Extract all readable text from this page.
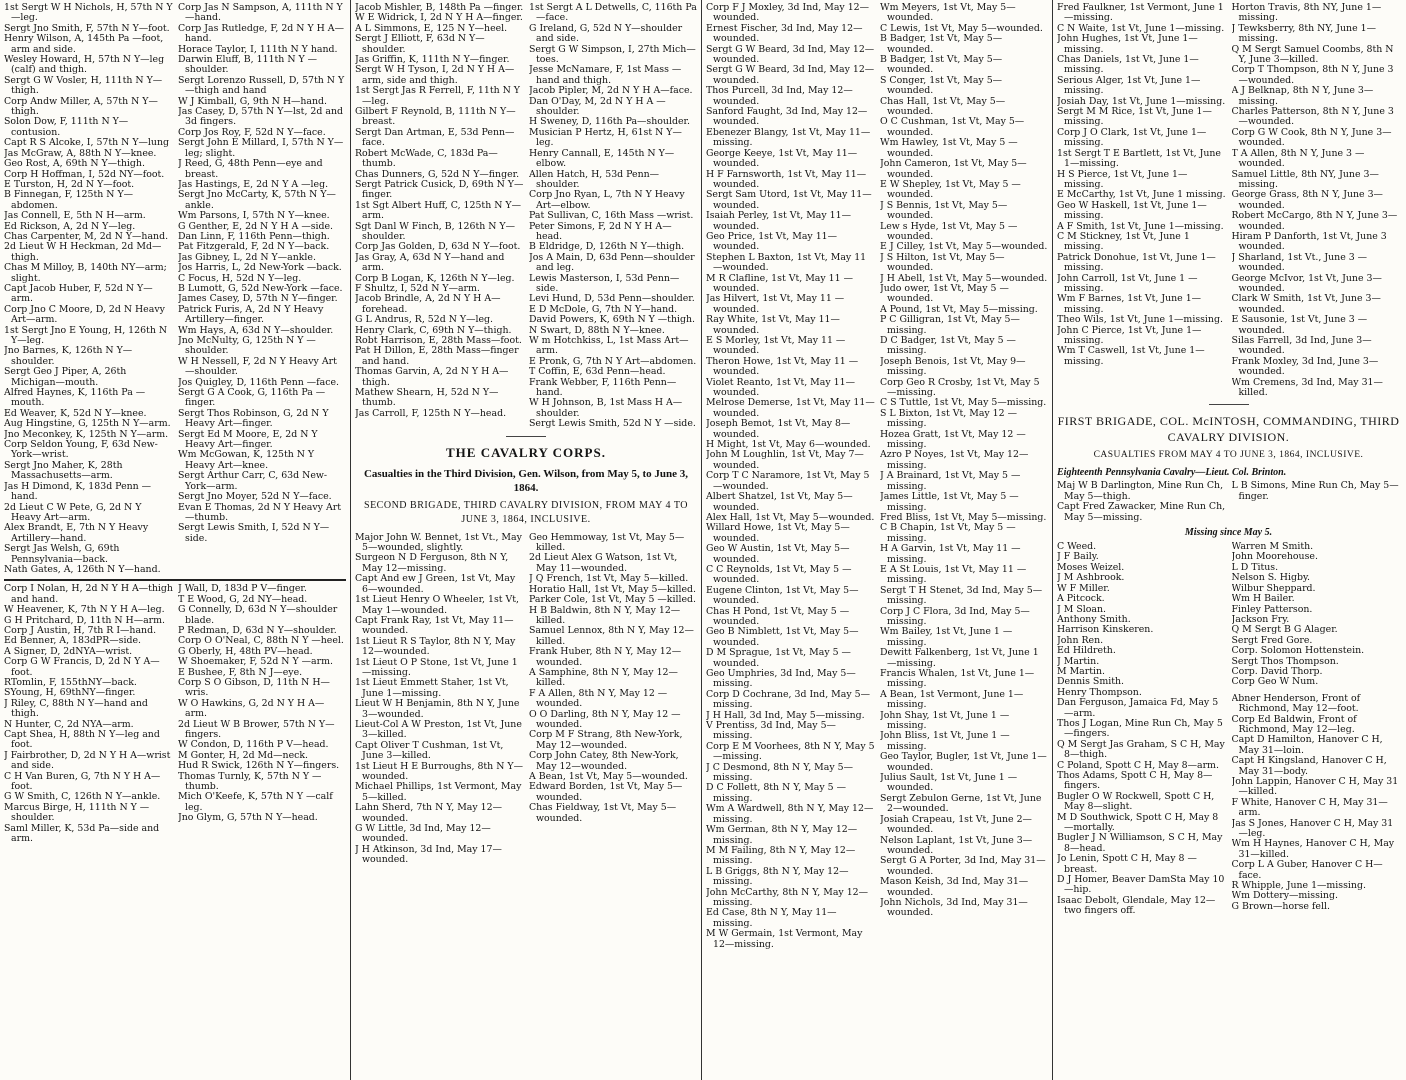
1st Sergt W H Nichols, H, 57th N Y—leg.

Sergt Jno Smith, F, 57th N Y—foot.

Henry Wilson, A, 145th Pa —foot, arm and side.

Wesley Howard, H, 57th N Y—leg (calf) and thigh.

Sergt G W Vosler, H, 111th N Y—thigh.

Corp Andw Miller, A, 57th N Y—thigh.

Solon Dow, F, 111th N Y—contusion.

Capt R S Alcoke, I, 57th N Y—lung

Jas McGraw, A, 88th N Y—knee.

Geo Rost, A, 69th N Y—thigh.

Corp H Hoffman, I, 52d NY—foot.

E Turston, H, 2d N Y—foot.

B Finnegan, F, 125th N Y—abdomen.

Jas Connell, E, 5th N H—arm.

Ed Rickson, A, 2d N Y—leg.

Chas Carpenter, M, 2d N Y—hand.

2d Lieut W H Heckman, 2d Md—thigh.

Chas M Milloy, B, 140th NY—arm; slight.

Capt Jacob Huber, F, 52d N Y—arm.

Corp Jno C Moore, D, 2d N Heavy Art—arm.

1st Sergt Jno E Young, H, 126th N Y—leg.

Jno Barnes, K, 126th N Y—shoulder.

Sergt Geo J Piper, A, 26th Michigan—mouth.

Alfred Haynes, K, 116th Pa —mouth.

Ed Weaver, K, 52d N Y—knee.

Aug Hingstine, G, 125th N Y—arm.

Jno Meconkey, K, 125th N Y—arm.

Corp Seldon Young, F, 63d New-York—wrist.

Sergt Jno Maher, K, 28th Massachusetts—arm.

Jas H Dimond, K, 183d Penn —hand.

2d Lieut C W Pete, G, 2d N Y Heavy Art—arm.

Alex Brandt, E, 7th N Y Heavy Artillery—hand.

Sergt Jas Welsh, G, 69th Pennsylvania—back.

Nath Gates, A, 126th N Y—hand.

Corp Jas N Sampson, A, 111th N Y—hand.

Corp Jas Rutledge, F, 2d N Y H A—hand.

Horace Taylor, I, 111th N Y hand.

Darwin Eluff, B, 111th N Y —shoulder.

Sergt Lorenzo Russell, D, 57th N Y—thigh and hand

W J Kimball, G, 9th N H—hand.

Jas Casey, D, 57th N Y—lst, 2d and 3d fingers.

Corp Jos Roy, F, 52d N Y—face.

Sergt John E Millard, I, 57th N Y—leg; slight.

J Reed, G, 48th Penn—eye and breast.

Jas Hastings, E, 2d N Y A —leg.

Sergt Jno McCarty, K, 57th N Y—ankle.

Wm Parsons, I, 57th N Y—knee.

G Genther, E, 2d N Y H A —side.

Dan Linn, F, 116th Penn—thigh.

Pat Fitzgerald, F, 2d N Y—back.

Jas Gibney, L, 2d N Y—ankle.

Jos Harris, L, 2d New-York —back.

C Focus, H, 52d N Y—leg.

B Lumott, G, 52d New-York —face.

James Casey, D, 57th N Y—finger.

Patrick Furis, A, 2d N Y Heavy Artillery—finger.

Wm Hays, A, 63d N Y—shoulder.

Jno McNulty, G, 125th N Y —shoulder.

W H Nessell, F, 2d N Y Heavy Art—shoulder.

Jos Quigley, D, 116th Penn —face.

Sergt G A Cook, G, 116th Pa —finger.

Sergt Thos Robinson, G, 2d N Y Heavy Art—finger.

Sergt Ed M Moore, E, 2d N Y Heavy Art—finger.

Wm McGowan, K, 125th N Y Heavy Art—knee.

Sergt Arthur Carr, C, 63d New-York—arm.

Sergt Jno Moyer, 52d N Y—face.

Evan E Thomas, 2d N Y Heavy Art—thumb.

Sergt Lewis Smith, I, 52d N Y—side.

Corp I Nolan, H, 2d N Y H A—thigh and hand.

W Heavener, K, 7th N Y H A—leg.

G H Pritchard, D, 11th N H—arm.

Corp J Austin, H, 7th R I—hand.

Ed Benner, A, 183dPR—side.

A Signer, D, 2dNYA—wrist.

Corp G W Francis, D, 2d N Y A—foot.

RTomlin, F, 155thNY—back.

SYoung, H, 69thNY—finger.

J Riley, C, 88th N Y—hand and thigh.

N Hunter, C, 2d NYA—arm.

Capt Shea, H, 88th N Y—leg and foot.

J Fairbrother, D, 2d N Y H A—wrist and side.

C H Van Buren, G, 7th N Y H A—foot.

G W Smith, C, 126th N Y—ankle.

Marcus Birge, H, 111th N Y —shoulder.

Saml Miller, K, 53d Pa—side and arm.

J Wall, D, 183d P V—finger.

T E Wood, G, 2d NY—head.

G Connelly, D, 63d N Y—shoulder blade.

P Redman, D, 63d N Y—shoulder.

Corp O O'Neal, C, 88th N Y —heel.

G Oberly, H, 48th PV—head.

W Shoemaker, F, 52d N Y —arm.

E Bushee, F, 8th N J—eye.

Corp S O Gibson, D, 11th N H—wris.

W O Hawkins, G, 2d N Y H A—arm.

2d Lieut W B Brower, 57th N Y—fingers.

W Condon, D, 116th P V—head.

M Gonter, H, 2d Md—neck.

Hud R Swick, 126th N Y—fingers.

Thomas Turnly, K, 57th N Y —thumb.

Mich O'Keefe, K, 57th N Y —calf leg.

Jno Glym, G, 57th N Y—head.

Jacob Mishler, B, 148th Pa —finger.

W E Widrick, I, 2d N Y H A—finger.

A L Simmons, E, 125 N Y—heel.

Sergt J Elliott, F, 63d N Y—shoulder.

Jas Griffin, K, 111th N Y—finger.

Sergt W H Tyson, I, 2d N Y H A—arm, side and thigh.

1st Sergt Jas R Ferrell, F, 11th N Y—leg.

Gilbert F Reynold, B, 111th N Y—breast.

Sergt Dan Artman, E, 53d Penn—face.

Robert McWade, C, 183d Pa—thumb.

Chas Dunners, G, 52d N Y—finger.

Sergt Patrick Cusick, D, 69th N Y—finger.

1st Sgt Albert Huff, C, 125th N Y—arm.

Sgt Danl W Finch, B, 126th N Y—shoulder.

Corp Jas Golden, D, 63d N Y—foot.

Jas Gray, A, 63d N Y—hand and arm.

Corp B Logan, K, 126th N Y—leg.

F Shultz, I, 52d N Y—arm.

Jacob Brindle, A, 2d N Y H A—forehead.

G L Andrus, R, 52d N Y—leg.

Henry Clark, C, 69th N Y—thigh.

Robt Harrison, E, 28th Mass—foot.

Pat H Dillon, E, 28th Mass—finger and hand.

Thomas Garvin, A, 2d N Y H A—thigh.

Mathew Shearn, H, 52d N Y—thumb.

Jas Carroll, F, 125th N Y—head.

1st Sergt A L Detwells, C, 116th Pa—face.

G Ireland, G, 52d N Y—shoulder and side.

Sergt G W Simpson, I, 27th Mich—toes.

Jesse McNamare, F, 1st Mass —hand and thigh.

Jacob Pipler, M, 2d N Y H A—face.

Dan O'Day, M, 2d N Y H A —shoulder.

H Sweney, D, 116th Pa—shoulder.

Musician P Hertz, H, 61st N Y—leg.

Henry Cannall, E, 145th N Y—elbow.

Allen Hatch, H, 53d Penn—shoulder.

Corp Jno Ryan, L, 7th N Y Heavy Art—elbow.

Pat Sullivan, C, 16th Mass —wrist.

Peter Simons, F, 2d N Y H A—head.

B Eldridge, D, 126th N Y—thigh.

Jos A Main, D, 63d Penn—shoulder and leg.

Lewis Masterson, I, 53d Penn—side.

Levi Hund, D, 53d Penn—shoulder.

E D McDole, G, 7th N Y—hand.

David Powers, K, 69th N Y —thigh.

N Swart, D, 88th N Y—knee.

W m Hotchkiss, L, 1st Mass Art—arm.

E Pronk, G, 7th N Y Art—abdomen.

T Coffin, E, 63d Penn—head.

Frank Webber, F, 116th Penn—hand.

W H Johnson, B, 1st Mass H A—shoulder.

Sergt Lewis Smith, 52d N Y —side.

THE CAVALRY CORPS.
Casualties in the Third Division, Gen. Wilson, from May 5, to June 3, 1864.
SECOND BRIGADE, THIRD CAVALRY DIVISION, FROM MAY 4 TO JUNE 3, 1864, INCLUSIVE.

Major John W. Bennet, 1st Vt., May 5—wounded, slightly.

Surgeon N D Ferguson, 8th N Y, May 12—missing.

Capt And ew J Green, 1st Vt, May 6—wounded.

1st Lieut Henry O Wheeler, 1st Vt, May 1—wounded.

Capt Frank Ray, 1st Vt, May 11—wounded.

1st Lieut R S Taylor, 8th N Y, May 12—wounded.

1st Lieut O P Stone, 1st Vt, June 1—missing.

1st Lieut Emmett Staher, 1st Vt, June 1—missing.

Lieut W H Benjamin, 8th N Y, June 3—wounded.

Lieut-Col A W Preston, 1st Vt, June 3—killed.

Capt Oliver T Cushman, 1st Vt, June 3—killed.

1st Lieut H E Burroughs, 8th N Y—wounded.

Michael Phillips, 1st Vermont, May 5—killed.

Lahn Sherd, 7th N Y, May 12—wounded.

G W Little, 3d Ind, May 12—wounded.

J H Atkinson, 3d Ind, May 17—wounded.

Geo Hemmoway, 1st Vt, May 5—killed.

2d Lieut Alex G Watson, 1st Vt, May 11—wounded.

J Q French, 1st Vt, May 5—killed.

Horatio Hall, 1st Vt, May 5—killed.

Parker Cole, 1st Vt, May 5 —killed.

H B Baldwin, 8th N Y, May 12—killed.

Samuel Lennox, 8th N Y, May 12—killed.

Frank Huber, 8th N Y, May 12—wounded.

A Samphine, 8th N Y, May 12—killed.

F A Allen, 8th N Y, May 12 —wounded.

O O Darling, 8th N Y, May 12 —wounded.

Corp M F Strang, 8th New-York, May 12—wounded.

Corp John Catey, 8th New-York, May 12—wounded.

A Bean, 1st Vt, May 5—wounded.

Edward Borden, 1st Vt, May 5—wounded.

Chas Fieldway, 1st Vt, May 5—wounded.

Corp F J Moxley, 3d Ind, May 12—wounded.

Ernest Fischer, 3d Ind, May 12—wounded.

Sergt G W Beard, 3d Ind, May 12—wounded.

Sergt G W Beard, 3d Ind, May 12—wounded.

Thos Purcell, 3d Ind, May 12—wounded.

Sanford Faught, 3d Ind, May 12—wounded.

Ebenezer Blangy, 1st Vt, May 11—missing.

George Keeye, 1st Vt, May 11—wounded.

H F Farnsworth, 1st Vt, May 11—wounded.

Sergt Sam Utord, 1st Vt, May 11—wounded.

Isaiah Perley, 1st Vt, May 11—wounded.

Geo Price, 1st Vt, May 11—wounded.

Stephen L Baxton, 1st Vt, May 11—wounded.

M R Clafline, 1st Vt, May 11 —wounded.

Jas Hilvert, 1st Vt, May 11 —wounded.

Ray White, 1st Vt, May 11—wounded.

E S Morley, 1st Vt, May 11 —wounded.

Theron Howe, 1st Vt, May 11 —wounded.

Violet Reanto, 1st Vt, May 11—wounded.

Melrose Demerse, 1st Vt, May 11—wounded.

Joseph Bemot, 1st Vt, May 8—wounded.

H Might, 1st Vt, May 6—wounded.

John M Loughlin, 1st Vt, May 7—wounded.

Corp T C Naramore, 1st Vt, May 5—wounded.

Albert Shatzel, 1st Vt, May 5—wounded.

Alex Hall, 1st Vt, May 5—wounded.

Willard Howe, 1st Vt, May 5—wounded.

Geo W Austin, 1st Vt, May 5—wounded.

C C Reynolds, 1st Vt, May 5 —wounded.

Eugene Clinton, 1st Vt, May 5—wounded.

Chas H Pond, 1st Vt, May 5 —wounded.

Geo B Nimblett, 1st Vt, May 5—wounded.

D M Sprague, 1st Vt, May 5 —wounded.

Geo Umphries, 3d Ind, May 5—missing.

Corp D Cochrane, 3d Ind, May 5—missing.

J H Hall, 3d Ind, May 5—missing.

V Prentiss, 3d Ind, May 5—missing.

Corp E M Voorhees, 8th N Y, May 5—missing.

J C Desmond, 8th N Y, May 5—missing.

D C Follett, 8th N Y, May 5 —missing.

Wm A Wardwell, 8th N Y, May 12—missing.

Wm German, 8th N Y, May 12—missing.

M M Failing, 8th N Y, May 12—missing.

L B Griggs, 8th N Y, May 12—missing.

John McCarthy, 8th N Y, May 12—missing.

Ed Case, 8th N Y, May 11—missing.

M W Germain, 1st Vermont, May 12—missing.

Wm Meyers, 1st Vt, May 5—wounded.

C Lewis, 1st Vt, May 5—wounded.

B Badger, 1st Vt, May 5—wounded.

B Badger, 1st Vt, May 5—wounded.

S Conger, 1st Vt, May 5—wounded.

Chas Hall, 1st Vt, May 5—wounded.

O C Cushman, 1st Vt, May 5—wounded.

Wm Hawley, 1st Vt, May 5 —wounded.

John Cameron, 1st Vt, May 5—wounded.

E W Shepley, 1st Vt, May 5 —wounded.

J S Bennis, 1st Vt, May 5—wounded.

Lew s Hyde, 1st Vt, May 5 —wounded.

E J Cilley, 1st Vt, May 5—wounded.

J S Hilton, 1st Vt, May 5—wounded.

J H Abell, 1st Vt, May 5—wounded.

Judo ower, 1st Vt, May 5 —wounded.

A Pound, 1st Vt, May 5—missing.

P C Gilligran, 1st Vt, May 5—missing.

D C Badger, 1st Vt, May 5 —missing.

Joseph Benois, 1st Vt, May 9—missing.

Corp Geo R Crosby, 1st Vt, May 5—missing.

C S Tuttle, 1st Vt, May 5—missing.

S L Bixton, 1st Vt, May 12 —missing.

Hozea Gratt, 1st Vt, May 12 —missing.

Azro P Noyes, 1st Vt, May 12—missing.

J A Brainard, 1st Vt, May 5 —missing.

James Little, 1st Vt, May 5 —missing.

Fred Bliss, 1st Vt, May 5—missing.

C B Chapin, 1st Vt, May 5 —missing.

H A Garvin, 1st Vt, May 11 —missing.

E A St Louis, 1st Vt, May 11 —missing.

Sergt T H Stenet, 3d Ind, May 5—missing.

Corp J C Flora, 3d Ind, May 5—missing.

Wm Bailey, 1st Vt, June 1 —missing.

Dewitt Falkenberg, 1st Vt, June 1—missing.

Francis Whalen, 1st Vt, June 1—missing.

A Bean, 1st Vermont, June 1—missing.

John Shay, 1st Vt, June 1 —missing.

John Bliss, 1st Vt, June 1 —missing.

Geo Taylor, Bugler, 1st Vt, June 1—wounded.

Julius Sault, 1st Vt, June 1 —wounded.

Sergt Zebulon Gerne, 1st Vt, June 2—wounded.

Josiah Crapeau, 1st Vt, June 2—wounded.

Nelson Laplant, 1st Vt, June 3—wounded.

Sergt G A Porter, 3d Ind, May 31—wounded.

Mason Keish, 3d Ind, May 31—wounded.

John Nichols, 3d Ind, May 31—wounded.

Fred Faulkner, 1st Vermont, June 1—missing.

C N Waite, 1st Vt, June 1—missing.

John Hughes, 1st Vt, June 1—missing.

Chas Daniels, 1st Vt, June 1—missing.

Serious Alger, 1st Vt, June 1—missing.

Josiah Day, 1st Vt, June 1—missing.

Sergt M M Rice, 1st Vt, June 1—missing.

Corp J O Clark, 1st Vt, June 1—missing.

1st Sergt T E Bartlett, 1st Vt, June 1—missing.

H S Pierce, 1st Vt, June 1—missing.

E McCarthy, 1st Vt, June 1 missing.

Geo W Haskell, 1st Vt, June 1—missing.

A F Smith, 1st Vt, June 1—missing.

C M Stickney, 1st Vt, June 1 missing.

Patrick Donohue, 1st Vt, June 1—missing.

John Carroll, 1st Vt, June 1 —missing.

Wm F Barnes, 1st Vt, June 1—missing.

Theo Wils, 1st Vt, June 1—missing.

John C Pierce, 1st Vt, June 1—missing.

Wm T Caswell, 1st Vt, June 1—missing.

Horton Travis, 8th NY, June 1—missing.

J Tewksberry, 8th NY, June 1—missing.

Q M Sergt Samuel Coombs, 8th N Y, June 3—killed.

Corp T Thompson, 8th N Y, June 3—wounded.

A J Belknap, 8th N Y, June 3—missing.

Charles Patterson, 8th N Y, June 3—wounded.

Corp G W Cook, 8th N Y, June 3—wounded.

T A Allen, 8th N Y, June 3 —wounded.

Samuel Little, 8th NY, June 3—missing.

George Grass, 8th N Y, June 3—wounded.

Robert McCargo, 8th N Y, June 3—wounded.

Hiram P Danforth, 1st Vt, June 3 wounded.

J Sharland, 1st Vt., June 3 —wounded.

George McIvor, 1st Vt, June 3—wounded.

Clark W Smith, 1st Vt, June 3—wounded.

E Sausonie, 1st Vt, June 3 —wounded.

Silas Farrell, 3d Ind, June 3—wounded.

Frank Moxley, 3d Ind, June 3—wounded.

Wm Cremens, 3d Ind, May 31—killed.

FIRST BRIGADE, COL. McINTOSH, COMMANDING, THIRD CAVALRY DIVISION.
CASUALTIES FROM MAY 4 TO JUNE 3, 1864, INCLUSIVE.
Eighteenth Pennsylvania Cavalry—Lieut. Col. Brinton.

Maj W B Darlington, Mine Run Ch, May 5—thigh.

Capt Fred Zawacker, Mine Run Ch, May 5—missing.

L B Simons, Mine Run Ch, May 5—finger.

Missing since May 5.

C Weed.

J F Baily.

Moses Weizel.

J M Ashbrook.

W F Miller.

A Pitcock.

J M Sloan.

Anthony Smith.

Harrison Kinskeren.

John Ren.

Ed Hildreth.

J Martin.

M Martin.

Dennis Smith.

Henry Thompson.

Dan Ferguson, Jamaica Fd, May 5—arm.

Thos J Logan, Mine Run Ch, May 5—fingers.

Q M Sergt Jas Graham, S C H, May 8—thigh.

C Poland, Spott C H, May 8—arm.

Thos Adams, Spott C H, May 8—fingers.

Bugler O W Rockwell, Spott C H, May 8—slight.

M D Southwick, Spott C H, May 8—mortally.

Bugler J N Williamson, S C H, May 8—head.

Jo Lenin, Spott C H, May 8 —breast.

D J Homer, Beaver DamSta May 10—hip.

Isaac Debolt, Glendale, May 12—two fingers off.

Warren M Smith.

John Moorehouse.

L D Titus.

Nelson S. Higby.

Wilbur Sheppard.

Wm H Bailer.

Finley Patterson.

Jackson Fry.

Q M Sergt B G Alager.

Sergt Fred Gore.

Corp. Solomon Hottenstein.

Sergt Thos Thompson.

Corp. David Thorp.

Corp Geo W Num.

Abner Henderson, Front of Richmond, May 12—foot.

Corp Ed Baldwin, Front of Richmond, May 12—leg.

Capt D Hamilton, Hanover C H, May 31—loin.

Capt H Kingsland, Hanover C H, May 31—body.

John Lappin, Hanover C H, May 31—killed.

F White, Hanover C H, May 31—arm.

Jas S Jones, Hanover C H, May 31—leg.

Wm H Haynes, Hanover C H, May 31—killed.

Corp L A Guber, Hanover C H—face.

R Whipple, June 1—missing.

Wm Dottery—missing.

G Brown—horse fell.
